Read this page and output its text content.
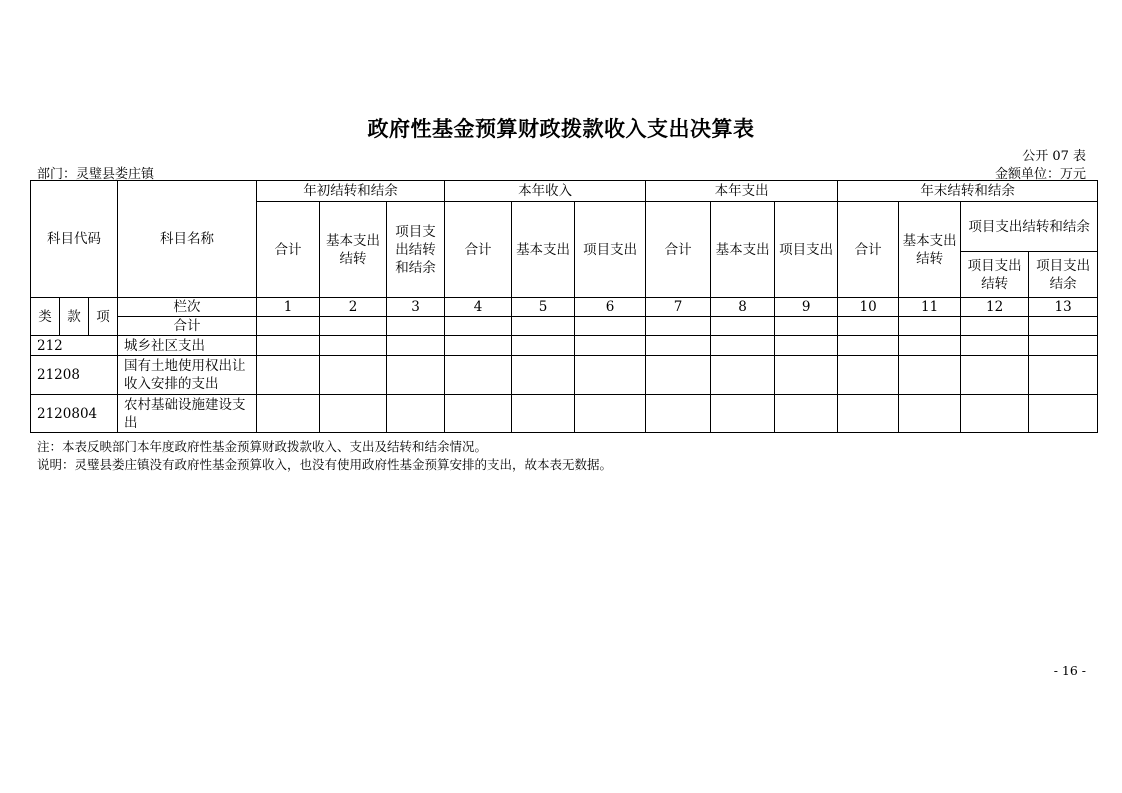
政府性基金预算财政拨款收入支出决算表
公开 07 表
部门：灵璧县娄庄镇	金额单位：万元
科目代码			科目名称	年初结转和结余			本年收入			本年支出			年末结转和结余			
				合计	基本支出结转	项目支出结转和结余	合计	基本支出	项目支出	合计	基本支出	项目支出	合计	基本支出结转	项目支出结转和结余	
															项目支出结转	项目支出结余
类	款	项	栏次	1	2	3	4	5	6	7	8	9	10	11	12	13
			合计													
212			城乡社区支出													
21208			国有土地使用权出让收入安排的支出													
2120804			农村基础设施建设支出													
注：本表反映部门本年度政府性基金预算财政拨款收入、支出及结转和结余情况。
说明：灵璧县娄庄镇没有政府性基金预算收入，也没有使用政府性基金预算安排的支出，故本表无数据。
- 16 -
